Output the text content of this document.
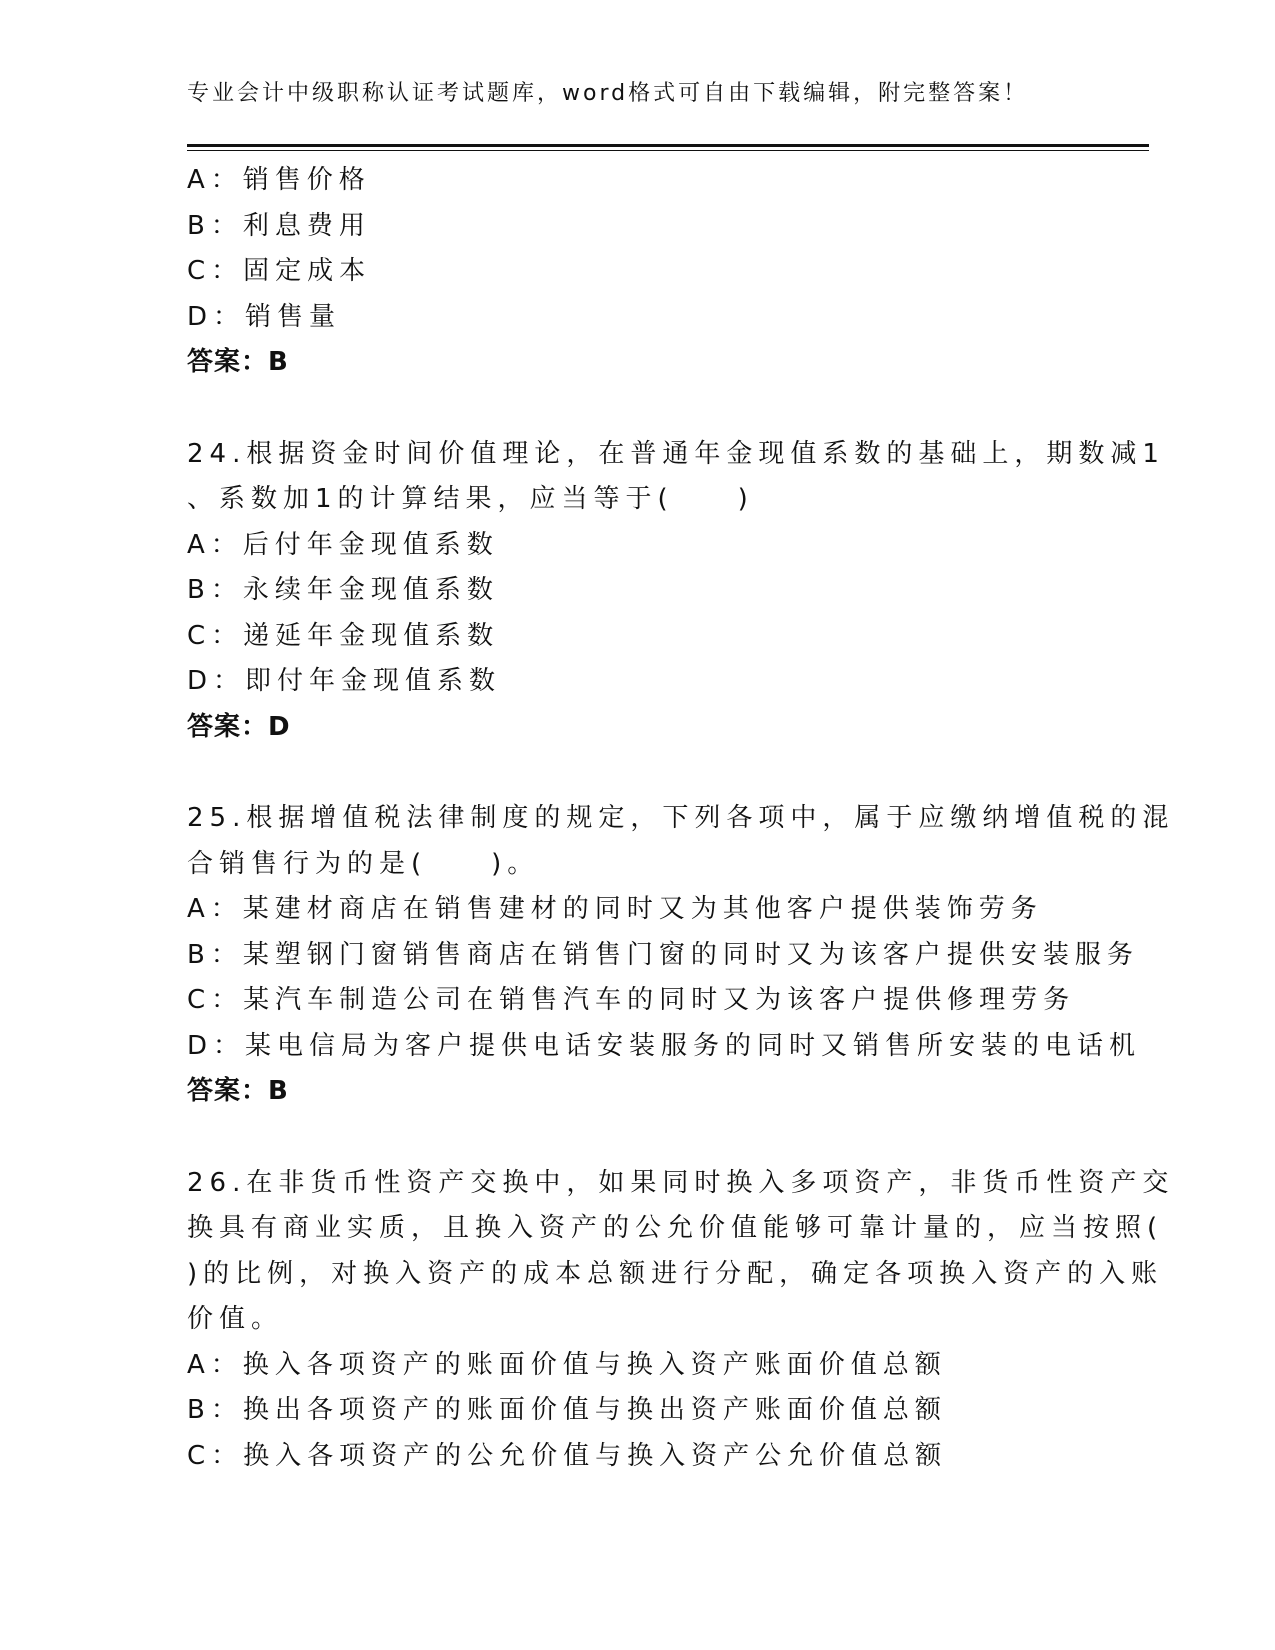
专业会计中级职称认证考试题库，word格式可自由下载编辑，附完整答案！
A：销售价格
B：利息费用
C：固定成本
D：销售量
答案：B
24.根据资金时间价值理论，在普通年金现值系数的基础上，期数减1
、系数加1的计算结果，应当等于(　　)
A：后付年金现值系数
B：永续年金现值系数
C：递延年金现值系数
D：即付年金现值系数
答案：D
25.根据增值税法律制度的规定，下列各项中，属于应缴纳增值税的混
合销售行为的是(　　)。
A：某建材商店在销售建材的同时又为其他客户提供装饰劳务
B：某塑钢门窗销售商店在销售门窗的同时又为该客户提供安装服务
C：某汽车制造公司在销售汽车的同时又为该客户提供修理劳务
D：某电信局为客户提供电话安装服务的同时又销售所安装的电话机
答案：B
26.在非货币性资产交换中，如果同时换入多项资产，非货币性资产交
换具有商业实质，且换入资产的公允价值能够可靠计量的，应当按照(
)的比例，对换入资产的成本总额进行分配，确定各项换入资产的入账
价值。
A：换入各项资产的账面价值与换入资产账面价值总额
B：换出各项资产的账面价值与换出资产账面价值总额
C：换入各项资产的公允价值与换入资产公允价值总额
